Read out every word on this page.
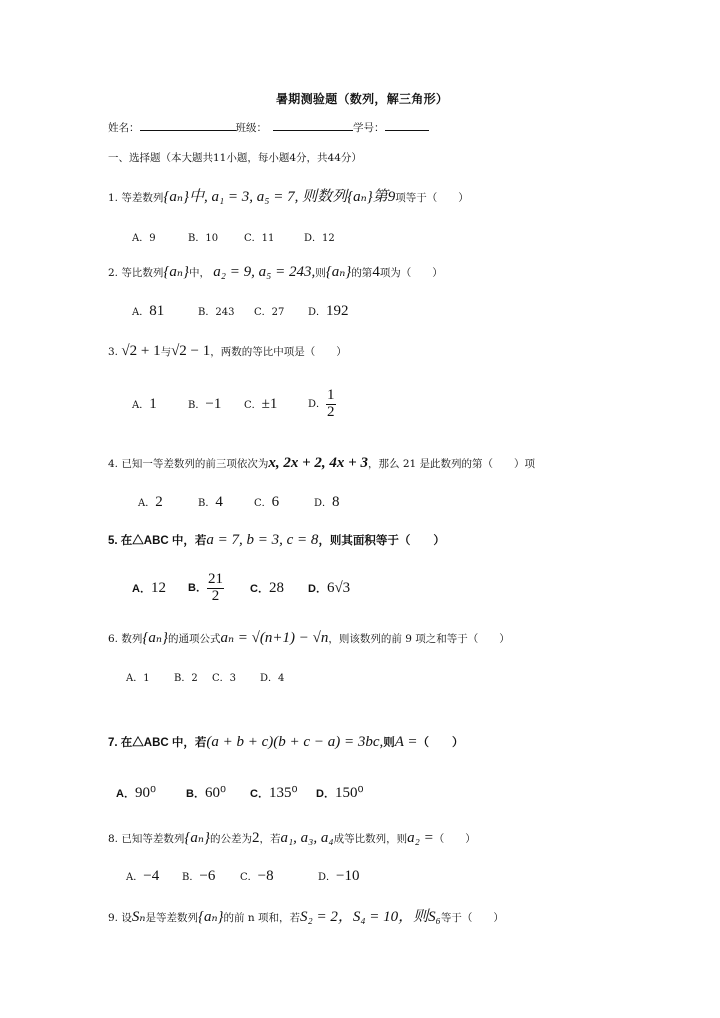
暑期测验题（数列，解三角形）
姓名：	班级：	学号：
一、选择题（本大题共11小题，每小题4分，共44分）
1. 等差数列{aₙ}中, a₁ = 3, a₅ = 7, 则数列{aₙ}第9项等于（　　）
A．9	B．10	C．11	D．12
2. 等比数列{aₙ}中， a₂ = 9, a₅ = 243,则{aₙ}的第4项为（　　）
A．81	B．243 C．27 D．192
3. √2 + 1与√2 − 1，两数的等比中项是（　　）
A．1	B．−1 C．±1	D． $\frac{1}{2}$
4. 已知一等差数列的前三项依次为x, 2x + 2, 4x + 3，那么 21 是此数列的第（　　）项
A．2	B．4	C．6	D．8
5. 在△ABC 中，若a = 7, b = 3, c = 8，则其面积等于（　　）
A．12 B． $\frac{21}{2}$ C．28 D．6√3
6. 数列{aₙ}的通项公式aₙ = √(n+1) − √n，则该数列的前 9 项之和等于（　　）
A．1 B．2 C．3 D．4
7. 在△ABC 中，若(a + b + c)(b + c − a) = 3bc,则A =（　　）
A．90⁰	B．60⁰ C．135⁰ D．150⁰
8. 已知等差数列{aₙ}的公差为2，若a₁, a₃, a₄成等比数列，则a₂ =（　　）
A．−4 B．−6 C．−8	D．−10
9. 设Sₙ是等差数列{aₙ}的前 n 项和，若S₂ = 2，S₄ = 10，则S₆等于（　　）
